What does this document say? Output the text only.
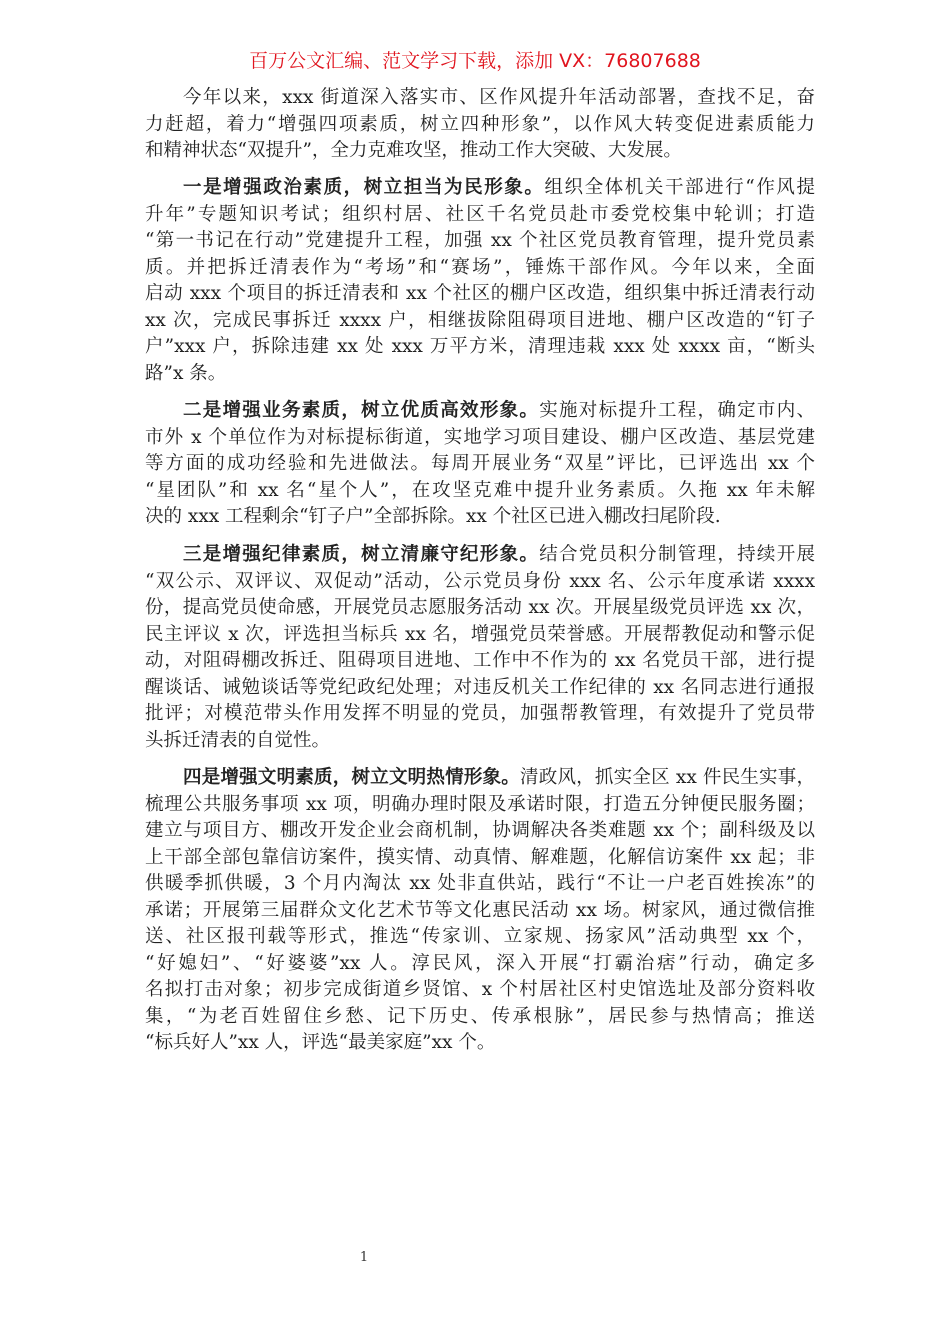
百万公文汇编、范文学习下载，添加 VX：76807688
今年以来，xxx 街道深入落实市、区作风提升年活动部署，查找不足，奋
力赶超，着力“增强四项素质，树立四种形象”，以作风大转变促进素质能力
和精神状态“双提升”，全力克难攻坚，推动工作大突破、大发展。
一是增强政治素质，树立担当为民形象。组织全体机关干部进行“作风提
升年”专题知识考试；组织村居、社区千名党员赴市委党校集中轮训；打造
“第一书记在行动”党建提升工程，加强 xx 个社区党员教育管理，提升党员素
质。并把拆迁清表作为“考场”和“赛场”，锤炼干部作风。今年以来，全面
启动 xxx 个项目的拆迁清表和 xx 个社区的棚户区改造，组织集中拆迁清表行动
xx 次，完成民事拆迁 xxxx 户，相继拔除阻碍项目进地、棚户区改造的“钉子
户”xxx 户，拆除违建 xx 处 xxx 万平方米，清理违栽 xxx 处 xxxx 亩，“断头
路”x 条。
二是增强业务素质，树立优质高效形象。实施对标提升工程，确定市内、
市外 x 个单位作为对标提标街道，实地学习项目建设、棚户区改造、基层党建
等方面的成功经验和先进做法。每周开展业务“双星”评比，已评选出 xx 个
“星团队”和 xx 名“星个人”，在攻坚克难中提升业务素质。久拖 xx 年未解
决的 xxx 工程剩余“钉子户”全部拆除。xx 个社区已进入棚改扫尾阶段.
三是增强纪律素质，树立清廉守纪形象。结合党员积分制管理，持续开展
“双公示、双评议、双促动”活动，公示党员身份 xxx 名、公示年度承诺 xxxx
份，提高党员使命感，开展党员志愿服务活动 xx 次。开展星级党员评选 xx 次，
民主评议 x 次，评选担当标兵 xx 名，增强党员荣誉感。开展帮教促动和警示促
动，对阻碍棚改拆迁、阻碍项目进地、工作中不作为的 xx 名党员干部，进行提
醒谈话、诫勉谈话等党纪政纪处理；对违反机关工作纪律的 xx 名同志进行通报
批评；对模范带头作用发挥不明显的党员，加强帮教管理，有效提升了党员带
头拆迁清表的自觉性。
四是增强文明素质，树立文明热情形象。清政风，抓实全区 xx 件民生实事，
梳理公共服务事项 xx 项，明确办理时限及承诺时限，打造五分钟便民服务圈；
建立与项目方、棚改开发企业会商机制，协调解决各类难题 xx 个；副科级及以
上干部全部包靠信访案件，摸实情、动真情、解难题，化解信访案件 xx 起；非
供暖季抓供暖，3 个月内淘汰 xx 处非直供站，践行“不让一户老百姓挨冻”的
承诺；开展第三届群众文化艺术节等文化惠民活动 xx 场。树家风，通过微信推
送、社区报刊载等形式，推选“传家训、立家规、扬家风”活动典型 xx 个，
“好媳妇”、“好婆婆”xx 人。淳民风，深入开展“打霸治痞”行动，确定多
名拟打击对象；初步完成街道乡贤馆、x 个村居社区村史馆选址及部分资料收
集，“为老百姓留住乡愁、记下历史、传承根脉”，居民参与热情高；推送
“标兵好人”xx 人，评选“最美家庭”xx 个。
1
